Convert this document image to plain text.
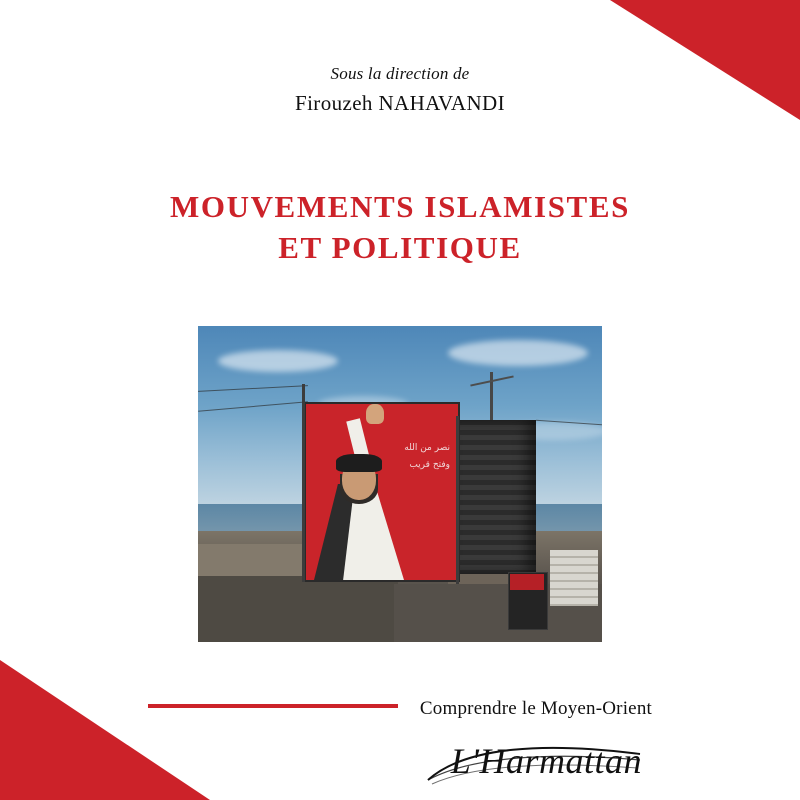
Sous la direction de
Firouzeh NAHAVANDI
MOUVEMENTS ISLAMISTES
ET POLITIQUE
نصر من الله وفتح قريب
Comprendre le Moyen-Orient
L'Harmattan
